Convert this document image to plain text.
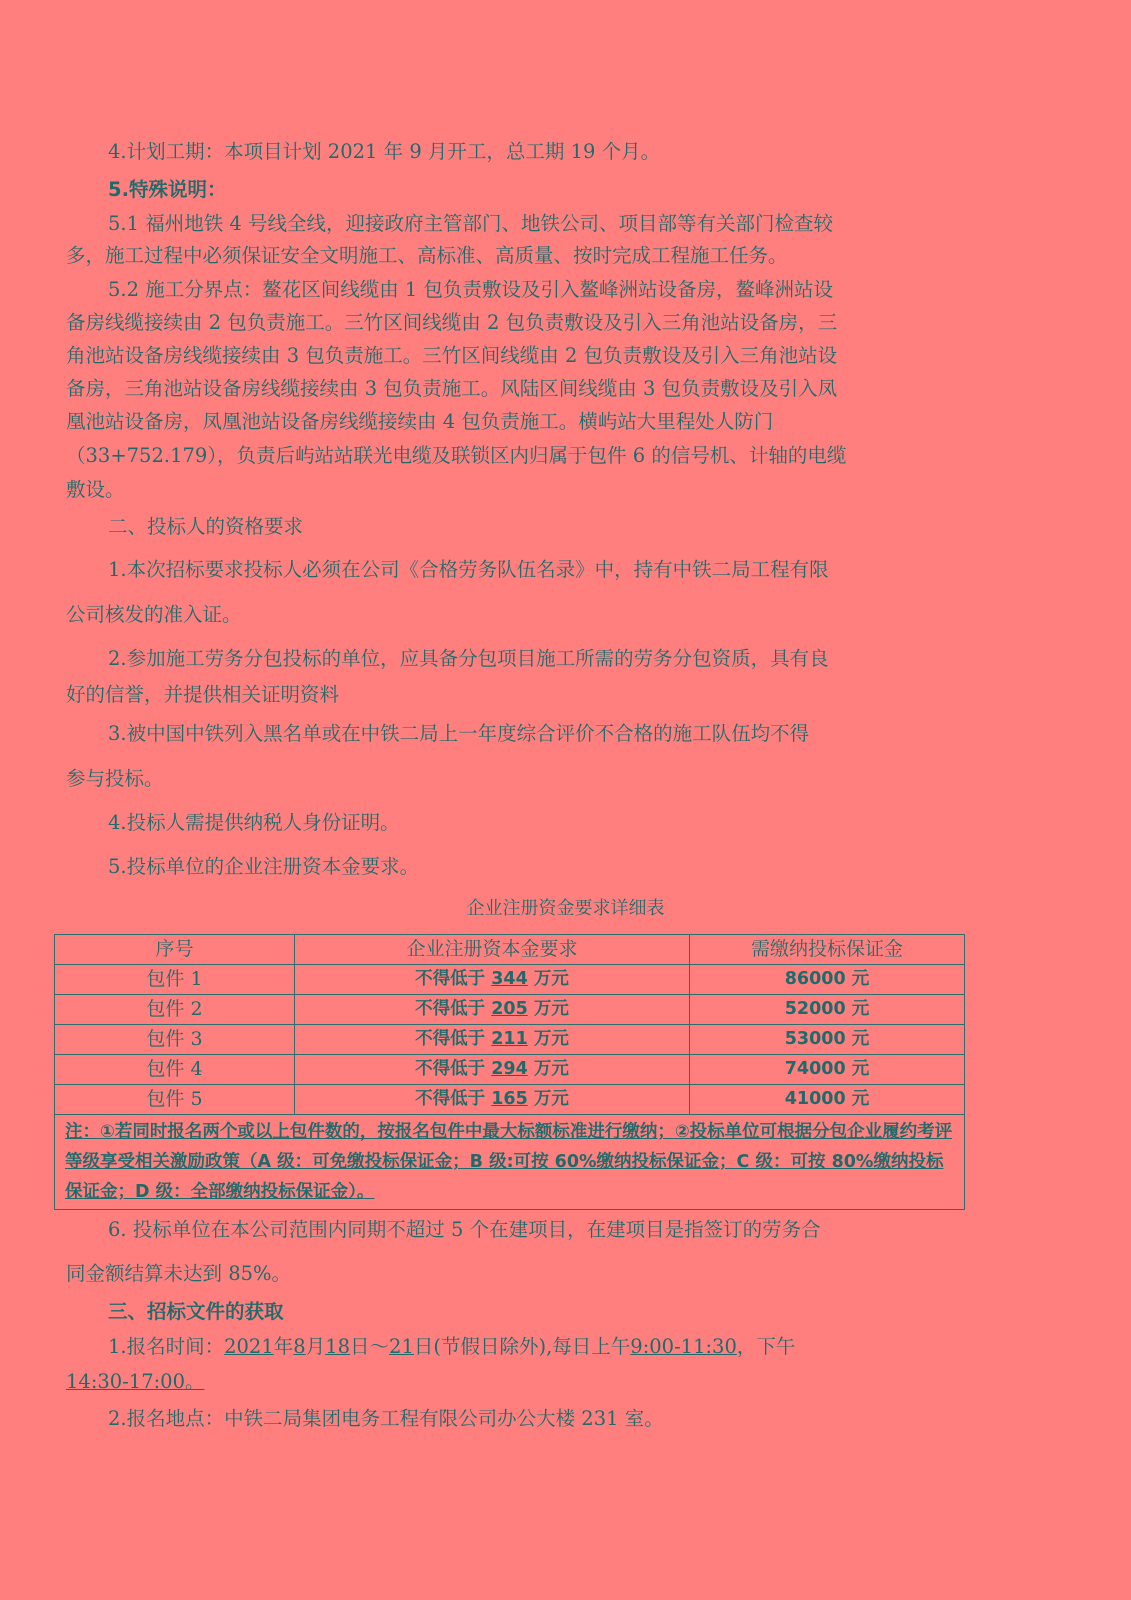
4.计划工期：本项目计划 2021 年 9 月开工，总工期 19 个月。
5.特殊说明：
5.1 福州地铁 4 号线全线，迎接政府主管部门、地铁公司、项目部等有关部门检查较
多，施工过程中必须保证安全文明施工、高标准、高质量、按时完成工程施工任务。
5.2 施工分界点：鳌花区间线缆由 1 包负责敷设及引入鳌峰洲站设备房，鳌峰洲站设
备房线缆接续由 2 包负责施工。三竹区间线缆由 2 包负责敷设及引入三角池站设备房，三
角池站设备房线缆接续由 3 包负责施工。三竹区间线缆由 2 包负责敷设及引入三角池站设
备房，三角池站设备房线缆接续由 3 包负责施工。风陆区间线缆由 3 包负责敷设及引入凤
凰池站设备房，凤凰池站设备房线缆接续由 4 包负责施工。横屿站大里程处人防门
（33+752.179），负责后屿站站联光电缆及联锁区内归属于包件 6 的信号机、计轴的电缆
敷设。
二、投标人的资格要求
1.本次招标要求投标人必须在公司《合格劳务队伍名录》中，持有中铁二局工程有限
公司核发的准入证。
2.参加施工劳务分包投标的单位，应具备分包项目施工所需的劳务分包资质，具有良
好的信誉，并提供相关证明资料
3.被中国中铁列入黑名单或在中铁二局上一年度综合评价不合格的施工队伍均不得
参与投标。
4.投标人需提供纳税人身份证明。
5.投标单位的企业注册资本金要求。
企业注册资金要求详细表
序号	企业注册资本金要求	需缴纳投标保证金
包件 1	不得低于 344 万元	86000 元
包件 2	不得低于 205 万元	52000 元
包件 3	不得低于 211 万元	53000 元
包件 4	不得低于 294 万元	74000 元
包件 5	不得低于 165 万元	41000 元
注：①若同时报名两个或以上包件数的，按报名包件中最大标额标准进行缴纳；②投标单位可根据分包企业履约考评等级享受相关激励政策（A 级：可免缴投标保证金；B 级:可按 60%缴纳投标保证金；C 级：可按 80%缴纳投标保证金；D 级：全部缴纳投标保证金）。		
6. 投标单位在本公司范围内同期不超过 5 个在建项目，在建项目是指签订的劳务合
同金额结算未达到 85%。
三、招标文件的获取
1.报名时间：2021年8月18日～21日(节假日除外),每日上午9:00-11:30，下午
14:30-17:00。
2.报名地点：中铁二局集团电务工程有限公司办公大楼 231 室。
